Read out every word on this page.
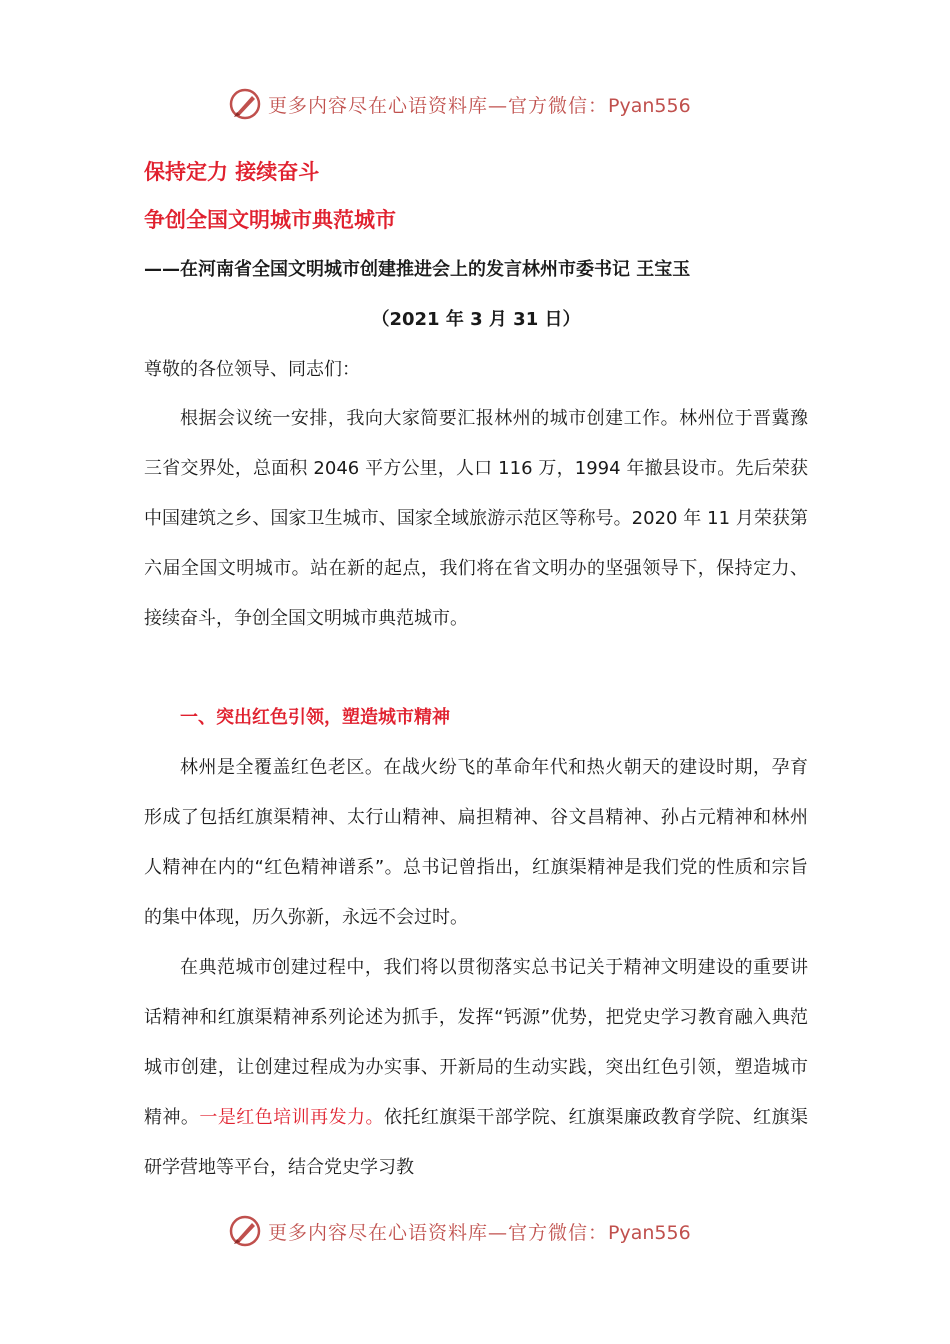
更多内容尽在心语资料库—官方微信：Pyan556

保持定力 接续奋斗

争创全国文明城市典范城市

——在河南省全国文明城市创建推进会上的发言林州市委书记 王宝玉
（2021 年 3 月 31 日）
尊敬的各位领导、同志们：

根据会议统一安排，我向大家简要汇报林州的城市创建工作。林州位于晋冀豫三省交界处，总面积 2046 平方公里，人口 116 万，1994 年撤县设市。先后荣获中国建筑之乡、国家卫生城市、国家全域旅游示范区等称号。2020 年 11 月荣获第六届全国文明城市。站在新的起点，我们将在省文明办的坚强领导下，保持定力、接续奋斗，争创全国文明城市典范城市。

一、突出红色引领，塑造城市精神

林州是全覆盖红色老区。在战火纷飞的革命年代和热火朝天的建设时期，孕育形成了包括红旗渠精神、太行山精神、扁担精神、谷文昌精神、孙占元精神和林州人精神在内的“红色精神谱系”。总书记曾指出，红旗渠精神是我们党的性质和宗旨的集中体现，历久弥新，永远不会过时。

在典范城市创建过程中，我们将以贯彻落实总书记关于精神文明建设的重要讲话精神和红旗渠精神系列论述为抓手，发挥“钙源”优势，把党史学习教育融入典范城市创建，让创建过程成为办实事、开新局的生动实践，突出红色引领，塑造城市精神。一是红色培训再发力。依托红旗渠干部学院、红旗渠廉政教育学院、红旗渠研学营地等平台，结合党史学习教

更多内容尽在心语资料库—官方微信：Pyan556
